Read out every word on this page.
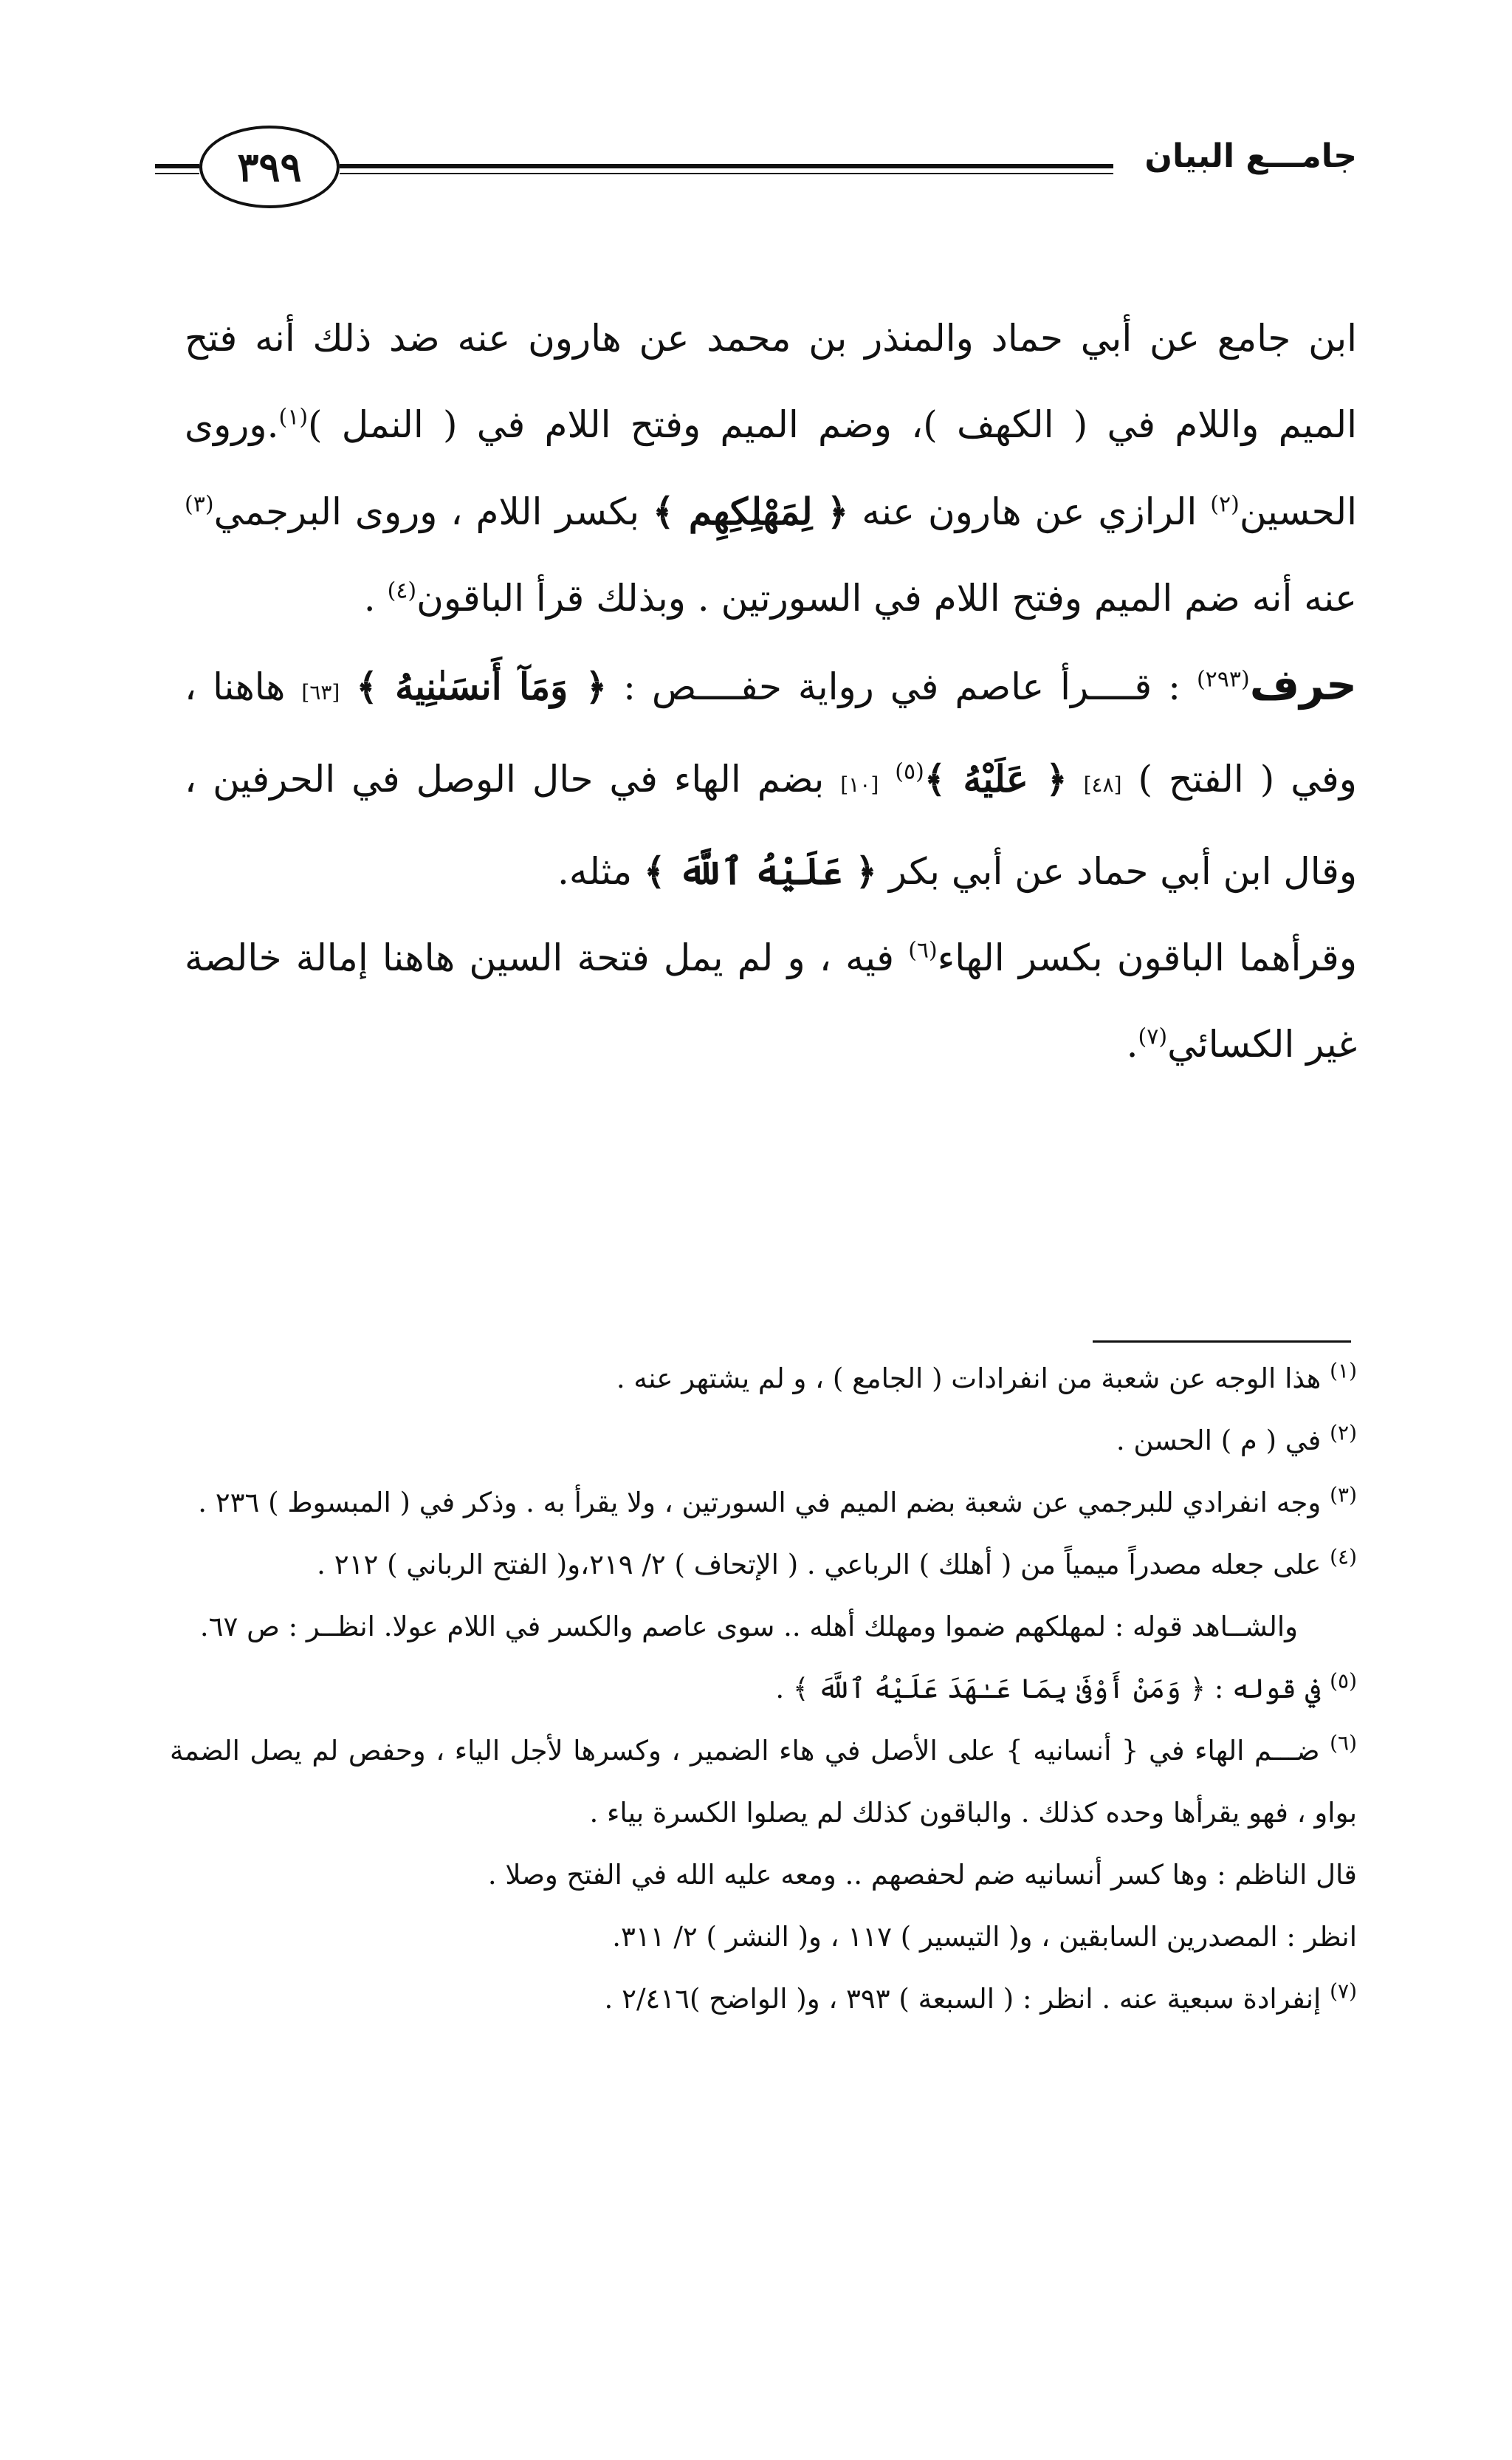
٣٩٩	جامـــع البيان

ابن جامع عن أبي حماد والمنذر بن محمد عن هارون عنه ضد ذلك أنه فتح الميم واللام في ( الكهف )، وضم الميم وفتح اللام في ( النمل )$^{(١)}$.وروى الحسين$^{(٢)}$ الرازي عن هارون عنه ﴿ لِمَهْلِكِهِم ﴾ بكسر اللام ، وروى البرجمي$^{(٣)}$ عنه أنه ضم الميم وفتح اللام في السورتين . وبذلك قرأ الباقون$^{(٤)}$ .

حرف$^{(٢٩٣)}$ : قــــرأ عاصم في رواية حفــــص : ﴿ وَمَآ أَنسَىٰنِيهُ ﴾ [٦٣] هاهنا ، وفي ( الفتح ) [٤٨] ﴿ عَلَيْهُ ﴾$^{(٥)}$ [١٠] بضم الهاء في حال الوصل في الحرفين ، وقال ابن أبي حماد عن أبي بكر ﴿ عَلَيْهُ ٱللَّهَ ﴾ مثله.

وقرأهما الباقون بكسر الهاء$^{(٦)}$ فيه ، و لم يمل فتحة السين هاهنا إمالة خالصة غير الكسائي$^{(٧)}$.

$^{(١)}$ هذا الوجه عن شعبة من انفرادات ( الجامع ) ، و لم يشتهر عنه .

$^{(٢)}$ في ( م ) الحسن .

$^{(٣)}$ وجه انفرادي للبرجمي عن شعبة بضم الميم في السورتين ، ولا يقرأ به . وذكر في ( المبسوط ) ٢٣٦ .

$^{(٤)}$ على جعله مصدراً ميمياً من ( أهلك ) الرباعي . ( الإتحاف ) ٢/ ٢١٩،و( الفتح الرباني ) ٢١٢ .

والشــاهد قوله : لمهلكهم ضموا ومهلك أهله .. سوى عاصم والكسر في اللام عولا. انظــر : ص ٦٧.

$^{(٥)}$ في قوله : ﴿ وَمَنْ أَوْفَىٰ بِمَا عَـٰهَدَ عَلَيْهُ ٱللَّهَ ﴾ .

$^{(٦)}$ ضـــم الهاء في { أنسانيه } على الأصل في هاء الضمير ، وكسرها لأجل الياء ، وحفص لم يصل الضمة بواو ، فهو يقرأها وحده كذلك . والباقون كذلك لم يصلوا الكسرة بياء .

قال الناظم : وها كسر أنسانيه ضم لحفصهم .. ومعه عليه الله في الفتح وصلا .

انظر : المصدرين السابقين ، و( التيسير ) ١١٧ ، و( النشر ) ٢/ ٣١١.

$^{(٧)}$ إنفرادة سبعية عنه . انظر : ( السبعة ) ٣٩٣ ، و( الواضح )٢/٤١٦ .
